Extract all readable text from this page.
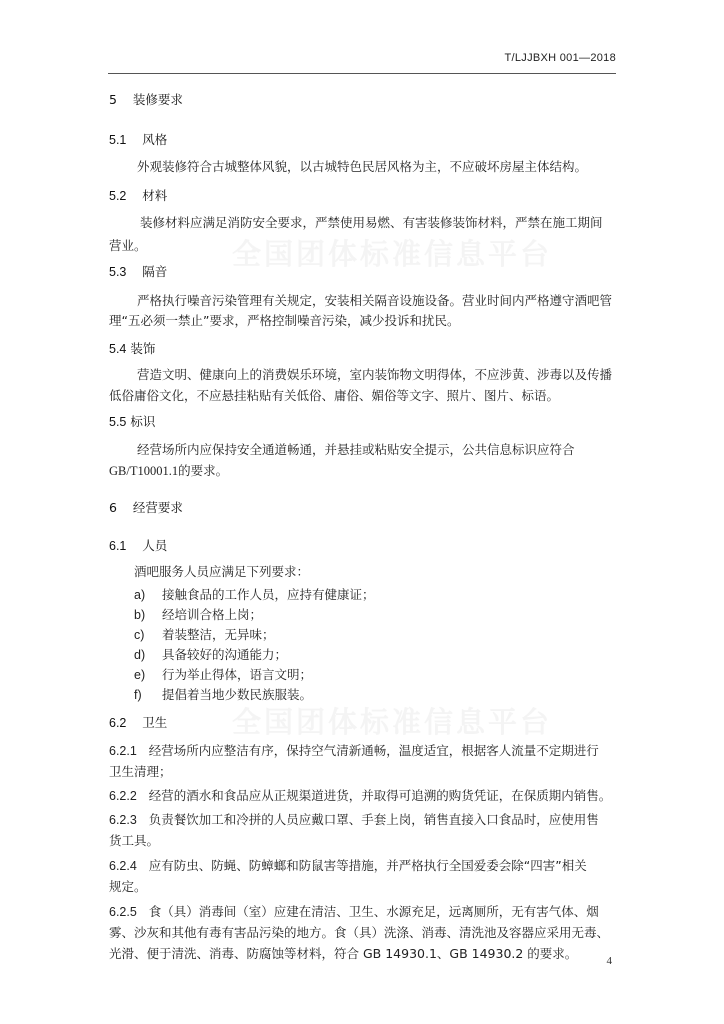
T/LJJBXH 001—2018
全国团体标准信息平台
全国团体标准信息平台
5 装修要求
5.1 风格
外观装修符合古城整体风貌，以古城特色民居风格为主，不应破坏房屋主体结构。
5.2 材料
装修材料应满足消防安全要求，严禁使用易燃、有害装修装饰材料，严禁在施工期间
营业。
5.3 隔音
严格执行噪音污染管理有关规定，安装相关隔音设施设备。营业时间内严格遵守酒吧管
理“五必须一禁止”要求，严格控制噪音污染，减少投诉和扰民。
5.4 装饰
营造文明、健康向上的消费娱乐环境，室内装饰物文明得体，不应涉黄、涉毒以及传播
低俗庸俗文化，不应悬挂粘贴有关低俗、庸俗、媚俗等文字、照片、图片、标语。
5.5 标识
经营场所内应保持安全通道畅通，并悬挂或粘贴安全提示，公共信息标识应符合
GB/T10001.1的要求。
6 经营要求
6.1 人员
酒吧服务人员应满足下列要求：
a) 接触食品的工作人员，应持有健康证；
b) 经培训合格上岗；
c) 着装整洁，无异味；
d) 具备较好的沟通能力；
e) 行为举止得体，语言文明；
f) 提倡着当地少数民族服装。
6.2 卫生
6.2.1 经营场所内应整洁有序，保持空气清新通畅，温度适宜，根据客人流量不定期进行
卫生清理；
6.2.2 经营的酒水和食品应从正规渠道进货，并取得可追溯的购货凭证，在保质期内销售。
6.2.3 负责餐饮加工和冷拼的人员应戴口罩、手套上岗，销售直接入口食品时，应使用售
货工具。
6.2.4 应有防虫、防蝇、防蟑螂和防鼠害等措施，并严格执行全国爱委会除“四害”相关
规定。
6.2.5 食（具）消毒间（室）应建在清洁、卫生、水源充足，远离厕所，无有害气体、烟
雾、沙灰和其他有毒有害品污染的地方。食（具）洗涤、消毒、清洗池及容器应采用无毒、
光滑、便于清洗、消毒、防腐蚀等材料，符合 GB 14930.1、GB 14930.2 的要求。	4
